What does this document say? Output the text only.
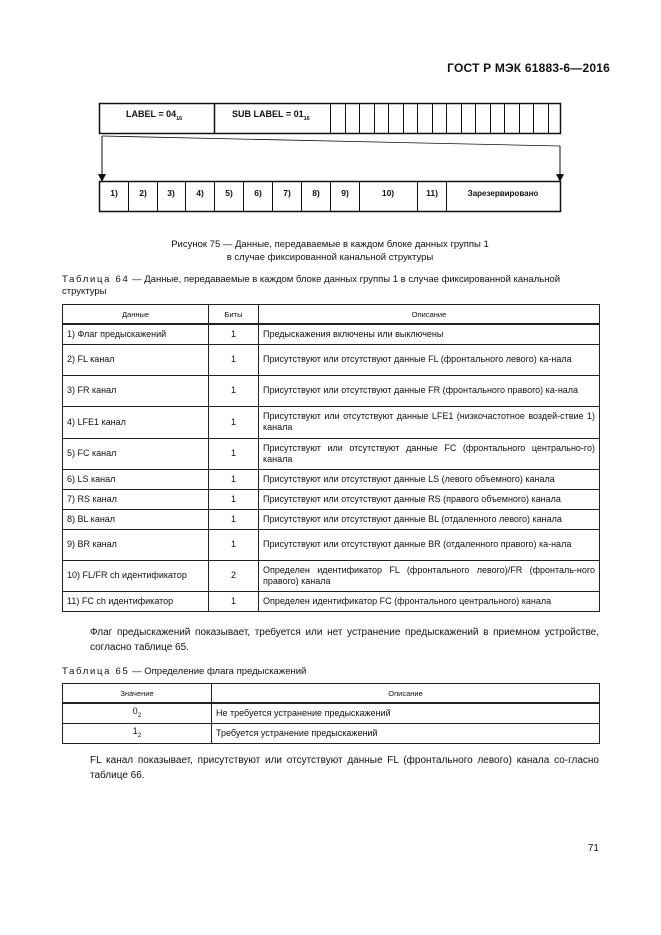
ГОСТ Р МЭК 61883-6—2016
LABEL = $04_{16}$	SUB LABEL = $01_{16}$
1)	2) 3)	4)	5)	6)	7)	8)	9)	10)	11)	Зарезервировано
Рисунок 75 — Данные, передаваемые в каждом блоке данных группы 1
в случае фиксированной канальной структуры
Таблица 64 — Данные, передаваемые в каждом блоке данных группы 1 в случае фиксированной канальной структуры
Данные	Биты	Описание
1) Флаг предыскажений	1	Предыскажения включены или выключены
2) FL канал	1	Присутствуют или отсутствуют данные FL (фронтального левого) ка-нала
3) FR канал	1	Присутствуют или отсутствуют данные FR (фронтального правого) ка-нала
4) LFE1 канал	1	Присутствуют или отсутствуют данные LFE1 (низкочастотное воздей-ствие 1) канала
5) FC канал	1	Присутствуют или отсутствуют данные FC (фронтального центрально-го) канала
6) LS канал	1	Присутствуют или отсутствуют данные LS (левого объемного) канала
7) RS канал	1	Присутствуют или отсутствуют данные RS (правого объемного) канала
8) BL канал	1	Присутствуют или отсутствуют данные BL (отдаленного левого) канала
9) BR канал	1	Присутствуют или отсутствуют данные BR (отдаленного правого) ка-нала
10) FL/FR ch идентификатор	2	Определен идентификатор FL (фронтального левого)/FR (фронталь-ного правого) канала
11) FC ch идентификатор	1	Определен идентификатор FC (фронтального центрального) канала
Флаг предыскажений показывает, требуется или нет устранение предыскажений в приемном устройстве, согласно таблице 65.
Таблица 65 — Определение флага предыскажений
Значение	Описание
$0_2$	Не требуется устранение предыскажений
$1_2$	Требуется устранение предыскажений
FL канал показывает, присутствуют или отсутствуют данные FL (фронтального левого) канала со-гласно таблице 66.
71
